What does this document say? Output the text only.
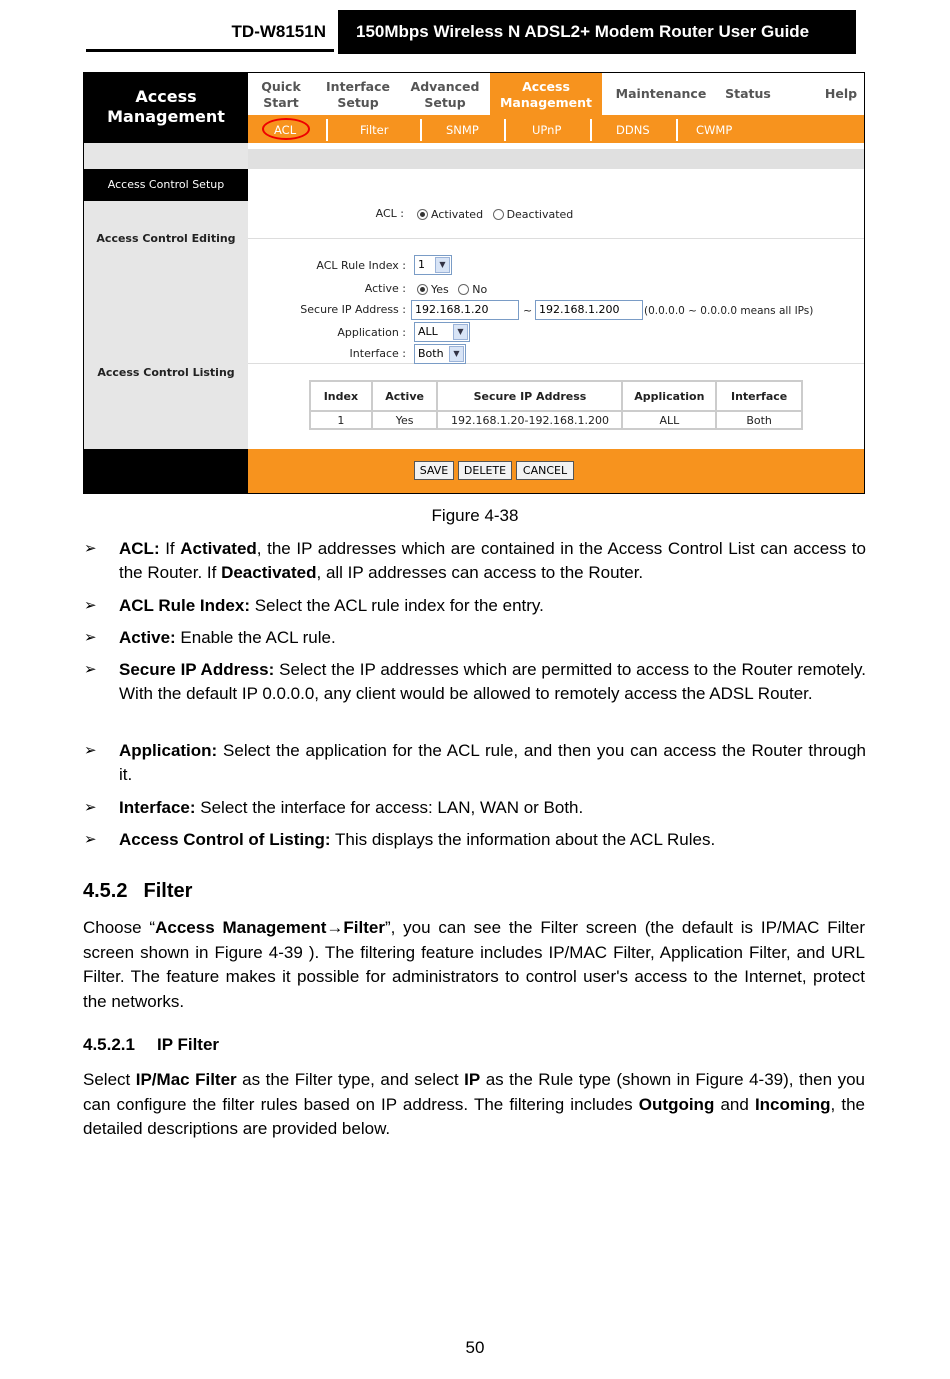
TD-W8151N	150Mbps Wireless N ADSL2+ Modem Router User Guide
Access Management
Quick Start
Interface Setup
Advanced Setup
Access Management
Maintenance	Status	Help
ACL	Filter	SNMP	UPnP	DDNS	CWMP
Access Control Setup
Access Control Editing
Access Control Listing
ACL :	Activated Deactivated
ACL Rule Index :	1	▼
Active :	Yes No
Secure IP Address : 192.168.1.20	~ 192.168.1.200	(0.0.0.0 ~ 0.0.0.0 means all IPs)
Application :	ALL	▼
Interface :	Both	▼
Index	Active	Secure IP Address	Application	Interface
1	Yes	192.168.1.20-192.168.1.200	ALL	Both
SAVE	DELETE	CANCEL
Figure 4-38
➢ ACL: If Activated, the IP addresses which are contained in the Access Control List can access to the Router. If Deactivated, all IP addresses can access to the Router.
➢ ACL Rule Index: Select the ACL rule index for the entry.
➢ Active: Enable the ACL rule.
➢ Secure IP Address: Select the IP addresses which are permitted to access to the Router remotely. With the default IP 0.0.0.0, any client would be allowed to remotely access the ADSL Router.
➢ Application: Select the application for the ACL rule, and then you can access the Router through it.
➢ Interface: Select the interface for access: LAN, WAN or Both.
➢ Access Control of Listing: This displays the information about the ACL Rules.
4.5.2 Filter
Choose “Access Management→Filter”, you can see the Filter screen (the default is IP/MAC Filter screen shown in Figure 4-39 ). The filtering feature includes IP/MAC Filter, Application Filter, and URL Filter. The feature makes it possible for administrators to control user's access to the Internet, protect the networks.
4.5.2.1 IP Filter
Select IP/Mac Filter as the Filter type, and select IP as the Rule type (shown in Figure 4-39), then you can configure the filter rules based on IP address. The filtering includes Outgoing and Incoming, the detailed descriptions are provided below.
50
